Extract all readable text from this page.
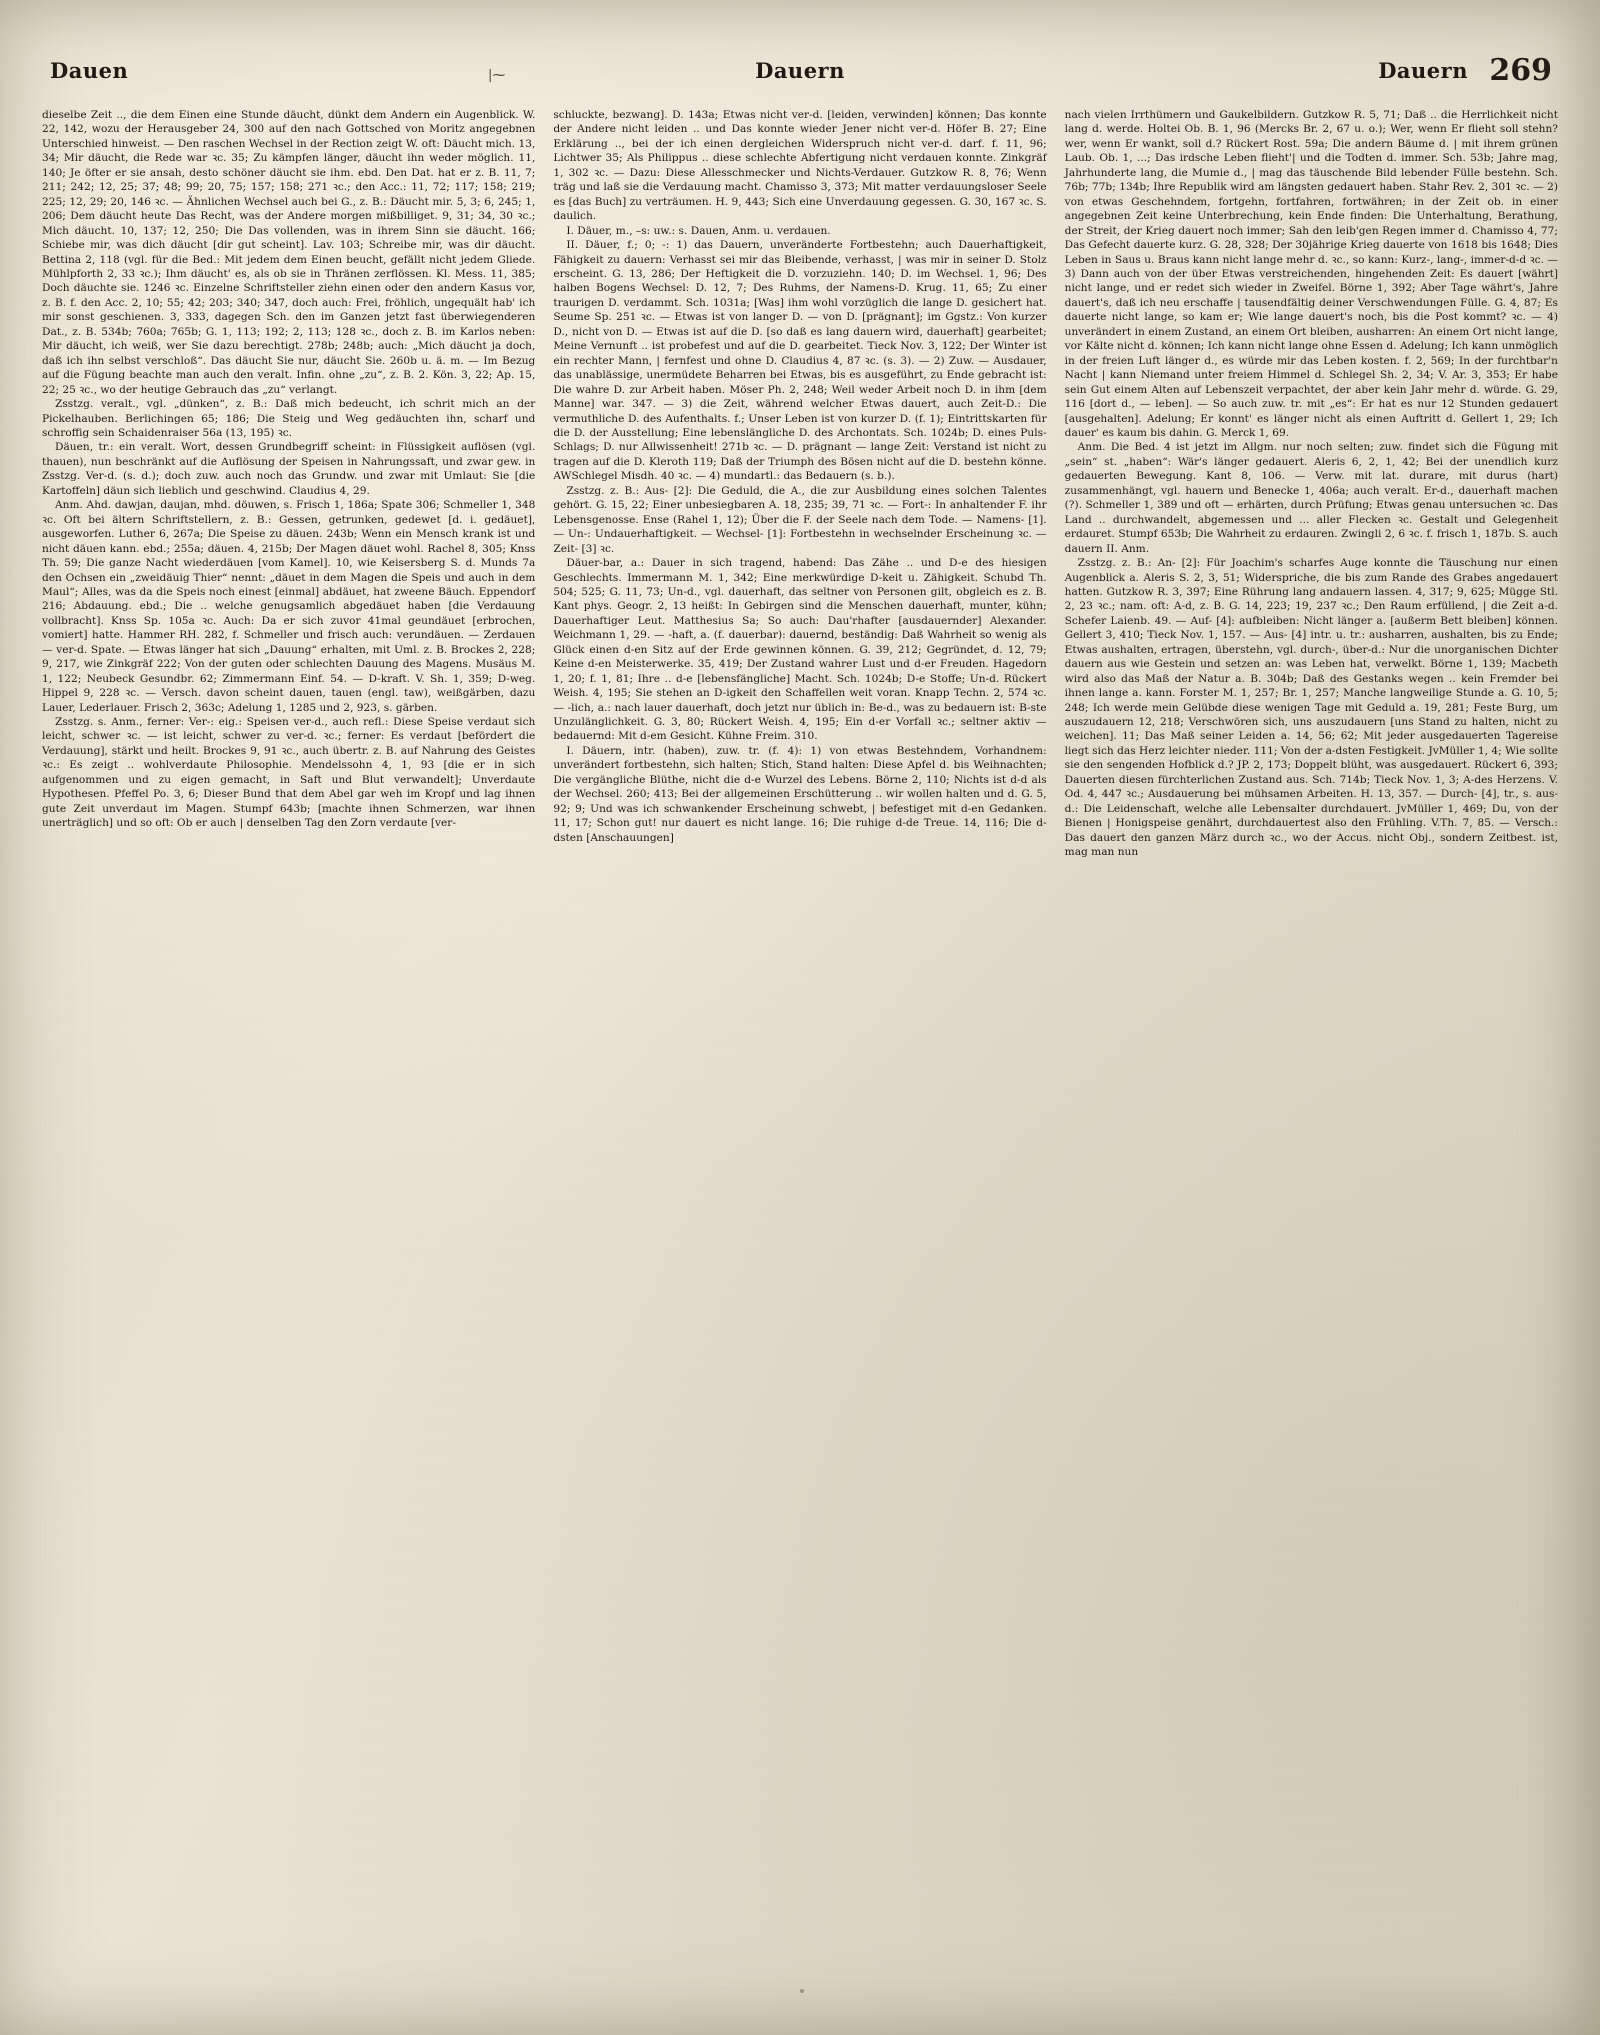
Dauen	Dauern	Dauern 269
|⁓

dieselbe Zeit .., die dem Einen eine Stunde däucht, dünkt dem Andern ein Augenblick. W. 22, 142, wozu der Herausgeber 24, 300 auf den nach Gottsched von Moritz angegebnen Unterschied hinweist. — Den raschen Wechsel in der Rection zeigt W. oft: Däucht mich. 13, 34; Mir däucht, die Rede war ꝛc. 35; Zu kämpfen länger, däucht ihn weder möglich. 11, 140; Je öfter er sie ansah, desto schöner däucht sie ihm. ebd. Den Dat. hat er z. B. 11, 7; 211; 242; 12, 25; 37; 48; 99; 20, 75; 157; 158; 271 ꝛc.; den Acc.: 11, 72; 117; 158; 219; 225; 12, 29; 20, 146 ꝛc. — Ähnlichen Wechsel auch bei G., z. B.: Däucht mir. 5, 3; 6, 245; 1, 206; Dem däucht heute Das Recht, was der Andere morgen mißbilliget. 9, 31; 34, 30 ꝛc.; Mich däucht. 10, 137; 12, 250; Die Das vollenden, was in ihrem Sinn sie däucht. 166; Schiebe mir, was dich däucht [dir gut scheint]. Lav. 103; Schreibe mir, was dir däucht. Bettina 2, 118 (vgl. für die Bed.: Mit jedem dem Einen beucht, gefällt nicht jedem Gliede. Mühlpforth 2, 33 ꝛc.); Ihm däucht' es, als ob sie in Thränen zerflössen. Kl. Mess. 11, 385; Doch däuchte sie. 1246 ꝛc. Einzelne Schriftsteller ziehn einen oder den andern Kasus vor, z. B. f. den Acc. 2, 10; 55; 42; 203; 340; 347, doch auch: Frei, fröhlich, ungequält hab' ich mir sonst geschienen. 3, 333, dagegen Sch. den im Ganzen jetzt fast überwiegenderen Dat., z. B. 534b; 760a; 765b; G. 1, 113; 192; 2, 113; 128 ꝛc., doch z. B. im Karlos neben: Mir däucht, ich weiß, wer Sie dazu berechtigt. 278b; 248b; auch: „Mich däucht ja doch, daß ich ihn selbst verschloß“. Das däucht Sie nur, däucht Sie. 260b u. ä. m. — Im Bezug auf die Fügung beachte man auch den veralt. Infin. ohne „zu“, z. B. 2. Kön. 3, 22; Ap. 15, 22; 25 ꝛc., wo der heutige Gebrauch das „zu“ verlangt.

Zsstzg. veralt., vgl. „dünken“, z. B.: Daß mich bedeucht, ich schrit mich an der Pickelhauben. Berlichingen 65; 186; Die Steig und Weg gedäuchten ihn, scharf und schroffig sein Schaidenraiser 56a (13, 195) ꝛc.

Däuen, tr.: ein veralt. Wort, dessen Grundbegriff scheint: in Flüssigkeit auflösen (vgl. thauen), nun beschränkt auf die Auflösung der Speisen in Nahrungssaft, und zwar gew. in Zsstzg. Ver-d. (s. d.); doch zuw. auch noch das Grundw. und zwar mit Umlaut: Sie [die Kartoffeln] däun sich lieblich und geschwind. Claudius 4, 29.

Anm. Ahd. dawjan, daujan, mhd. döuwen, s. Frisch 1, 186a; Spate 306; Schmeller 1, 348 ꝛc. Oft bei ältern Schriftstellern, z. B.: Gessen, getrunken, gedewet [d. i. gedäuet], ausgeworfen. Luther 6, 267a; Die Speise zu däuen. 243b; Wenn ein Mensch krank ist und nicht däuen kann. ebd.; 255a; däuen. 4, 215b; Der Magen däuet wohl. Rachel 8, 305; Knss Th. 59; Die ganze Nacht wiederdäuen [vom Kamel]. 10, wie Keisersberg S. d. Munds 7a den Ochsen ein „zweidäuig Thier“ nennt: „däuet in dem Magen die Speis und auch in dem Maul“; Alles, was da die Speis noch einest [einmal] abdäuet, hat zweene Bäuch. Eppendorf 216; Abdauung. ebd.; Die .. welche genugsamlich abgedäuet haben [die Verdauung vollbracht]. Knss Sp. 105a ꝛc. Auch: Da er sich zuvor 41mal geundäuet [erbrochen, vomiert] hatte. Hammer RH. 282, f. Schmeller und frisch auch: verundäuen. — Zerdauen — ver-d. Spate. — Etwas länger hat sich „Dauung“ erhalten, mit Uml. z. B. Brockes 2, 228; 9, 217, wie Zinkgräf 222; Von der guten oder schlechten Dauung des Magens. Musäus M. 1, 122; Neubeck Gesundbr. 62; Zimmermann Einf. 54. — D-kraft. V. Sh. 1, 359; D-weg. Hippel 9, 228 ꝛc. — Versch. davon scheint dauen, tauen (engl. taw), weißgärben, dazu Lauer, Lederlauer. Frisch 2, 363c; Adelung 1, 1285 und 2, 923, s. gärben.

Zsstzg. s. Anm., ferner: Ver-: eig.: Speisen ver-d., auch refl.: Diese Speise verdaut sich leicht, schwer ꝛc. — ist leicht, schwer zu ver-d. ꝛc.; ferner: Es verdaut [befördert die Verdauung], stärkt und heilt. Brockes 9, 91 ꝛc., auch übertr. z. B. auf Nahrung des Geistes ꝛc.: Es zeigt .. wohlverdaute Philosophie. Mendelssohn 4, 1, 93 [die er in sich aufgenommen und zu eigen gemacht, in Saft und Blut verwandelt]; Unverdaute Hypothesen. Pfeffel Po. 3, 6; Dieser Bund that dem Abel gar weh im Kropf und lag ihnen gute Zeit unverdaut im Magen. Stumpf 643b; [machte ihnen Schmerzen, war ihnen unerträglich] und so oft: Ob er auch | denselben Tag den Zorn verdaute [ver-

schluckte, bezwang]. D. 143a; Etwas nicht ver-d. [leiden, verwinden] können; Das konnte der Andere nicht leiden .. und Das konnte wieder Jener nicht ver-d. Höfer B. 27; Eine Erklärung .., bei der ich einen dergleichen Widerspruch nicht ver-d. darf. f. 11, 96; Lichtwer 35; Als Philippus .. diese schlechte Abfertigung nicht verdauen konnte. Zinkgräf 1, 302 ꝛc. — Dazu: Diese Allesschmecker und Nichts-Verdauer. Gutzkow R. 8, 76; Wenn träg und laß sie die Verdauung macht. Chamisso 3, 373; Mit matter verdauungsloser Seele es [das Buch] zu verträumen. H. 9, 443; Sich eine Unverdauung gegessen. G. 30, 167 ꝛc. S. daulich.

I. Däuer, m., –s: uw.: s. Dauen, Anm. u. verdauen.

II. Däuer, f.; 0; -: 1) das Dauern, unveränderte Fortbestehn; auch Dauerhaftigkeit, Fähigkeit zu dauern: Verhasst sei mir das Bleibende, verhasst, | was mir in seiner D. Stolz erscheint. G. 13, 286; Der Heftigkeit die D. vorzuziehn. 140; D. im Wechsel. 1, 96; Des halben Bogens Wechsel: D. 12, 7; Des Ruhms, der Namens-D. Krug. 11, 65; Zu einer traurigen D. verdammt. Sch. 1031a; [Was] ihm wohl vorzüglich die lange D. gesichert hat. Seume Sp. 251 ꝛc. — Etwas ist von langer D. — von D. [prägnant]; im Ggstz.: Von kurzer D., nicht von D. — Etwas ist auf die D. [so daß es lang dauern wird, dauerhaft] gearbeitet; Meine Vernunft .. ist probefest und auf die D. gearbeitet. Tieck Nov. 3, 122; Der Winter ist ein rechter Mann, | fernfest und ohne D. Claudius 4, 87 ꝛc. (s. 3). — 2) Zuw. — Ausdauer, das unablässige, unermüdete Beharren bei Etwas, bis es ausgeführt, zu Ende gebracht ist: Die wahre D. zur Arbeit haben. Möser Ph. 2, 248; Weil weder Arbeit noch D. in ihm [dem Manne] war. 347. — 3) die Zeit, während welcher Etwas dauert, auch Zeit-D.: Die vermuthliche D. des Aufenthalts. f.; Unser Leben ist von kurzer D. (f. 1); Eintrittskarten für die D. der Ausstellung; Eine lebenslängliche D. des Archontats. Sch. 1024b; D. eines Puls-Schlags; D. nur Allwissenheit! 271b ꝛc. — D. prägnant — lange Zeit: Verstand ist nicht zu tragen auf die D. Kleroth 119; Daß der Triumph des Bösen nicht auf die D. bestehn könne. AWSchlegel Misdh. 40 ꝛc. — 4) mundartl.: das Bedauern (s. b.).

Zsstzg. z. B.: Aus- [2]: Die Geduld, die A., die zur Ausbildung eines solchen Talentes gehört. G. 15, 22; Einer unbesiegbaren A. 18, 235; 39, 71 ꝛc. — Fort-: In anhaltender F. ihr Lebensgenosse. Ense (Rahel 1, 12); Über die F. der Seele nach dem Tode. — Namens- [1]. — Un-: Undauerhaftigkeit. — Wechsel- [1]: Fortbestehn in wechselnder Erscheinung ꝛc. — Zeit- [3] ꝛc.

Däuer-bar, a.: Dauer in sich tragend, habend: Das Zähe .. und D-e des hiesigen Geschlechts. Immermann M. 1, 342; Eine merkwürdige D-keit u. Zähigkeit. Schubd Th. 504; 525; G. 11, 73; Un-d., vgl. dauerhaft, das seltner von Personen gilt, obgleich es z. B. Kant phys. Geogr. 2, 13 heißt: In Gebirgen sind die Menschen dauerhaft, munter, kühn; Dauerhaftiger Leut. Matthesius Sa; So auch: Dau'rhafter [ausdauernder] Alexander. Weichmann 1, 29. — -haft, a. (f. dauerbar): dauernd, beständig: Daß Wahrheit so wenig als Glück einen d-en Sitz auf der Erde gewinnen können. G. 39, 212; Gegründet, d. 12, 79; Keine d-en Meisterwerke. 35, 419; Der Zustand wahrer Lust und d-er Freuden. Hagedorn 1, 20; f. 1, 81; Ihre .. d-e [lebensfängliche] Macht. Sch. 1024b; D-e Stoffe; Un-d. Rückert Weish. 4, 195; Sie stehen an D-igkeit den Schaffellen weit voran. Knapp Techn. 2, 574 ꝛc. — -lich, a.: nach lauer dauerhaft, doch jetzt nur üblich in: Be-d., was zu bedauern ist: B-ste Unzulänglichkeit. G. 3, 80; Rückert Weish. 4, 195; Ein d-er Vorfall ꝛc.; seltner aktiv — bedauernd: Mit d-em Gesicht. Kühne Freim. 310.

I. Däuern, intr. (haben), zuw. tr. (f. 4): 1) von etwas Bestehndem, Vorhandnem: unverändert fortbestehn, sich halten; Stich, Stand halten: Diese Apfel d. bis Weihnachten; Die vergängliche Blüthe, nicht die d-e Wurzel des Lebens. Börne 2, 110; Nichts ist d-d als der Wechsel. 260; 413; Bei der allgemeinen Erschütterung .. wir wollen halten und d. G. 5, 92; 9; Und was ich schwankender Erscheinung schwebt, | befestiget mit d-en Gedanken. 11, 17; Schon gut! nur dauert es nicht lange. 16; Die ruhige d-de Treue. 14, 116; Die d-dsten [Anschauungen]

nach vielen Irrthümern und Gaukelbildern. Gutzkow R. 5, 71; Daß .. die Herrlichkeit nicht lang d. werde. Holtei Ob. B. 1, 96 (Mercks Br. 2, 67 u. o.); Wer, wenn Er flieht soll stehn? wer, wenn Er wankt, soll d.? Rückert Rost. 59a; Die andern Bäume d. | mit ihrem grünen Laub. Ob. 1, ...; Das irdsche Leben flieht'| und die Todten d. immer. Sch. 53b; Jahre mag, Jahrhunderte lang, die Mumie d., | mag das täuschende Bild lebender Fülle bestehn. Sch. 76b; 77b; 134b; Ihre Republik wird am längsten gedauert haben. Stahr Rev. 2, 301 ꝛc. — 2) von etwas Geschehndem, fortgehn, fortfahren, fortwähren; in der Zeit ob. in einer angegebnen Zeit keine Unterbrechung, kein Ende finden: Die Unterhaltung, Berathung, der Streit, der Krieg dauert noch immer; Sah den leib'gen Regen immer d. Chamisso 4, 77; Das Gefecht dauerte kurz. G. 28, 328; Der 30jährige Krieg dauerte von 1618 bis 1648; Dies Leben in Saus u. Braus kann nicht lange mehr d. ꝛc., so kann: Kurz-, lang-, immer-d-d ꝛc. — 3) Dann auch von der über Etwas verstreichenden, hingehenden Zeit: Es dauert [währt] nicht lange, und er redet sich wieder in Zweifel. Börne 1, 392; Aber Tage währt's, Jahre dauert's, daß ich neu erschaffe | tausendfältig deiner Verschwendungen Fülle. G. 4, 87; Es dauerte nicht lange, so kam er; Wie lange dauert's noch, bis die Post kommt? ꝛc. — 4) unverändert in einem Zustand, an einem Ort bleiben, ausharren: An einem Ort nicht lange, vor Kälte nicht d. können; Ich kann nicht lange ohne Essen d. Adelung; Ich kann unmöglich in der freien Luft länger d., es würde mir das Leben kosten. f. 2, 569; In der furchtbar'n Nacht | kann Niemand unter freiem Himmel d. Schlegel Sh. 2, 34; V. Ar. 3, 353; Er habe sein Gut einem Alten auf Lebenszeit verpachtet, der aber kein Jahr mehr d. würde. G. 29, 116 [dort d., — leben]. — So auch zuw. tr. mit „es“: Er hat es nur 12 Stunden gedauert [ausgehalten]. Adelung; Er konnt' es länger nicht als einen Auftritt d. Gellert 1, 29; Ich dauer' es kaum bis dahin. G. Merck 1, 69.

Anm. Die Bed. 4 ist jetzt im Allgm. nur noch selten; zuw. findet sich die Fügung mit „sein“ st. „haben“: Wär's länger gedauert. Aleris 6, 2, 1, 42; Bei der unendlich kurz gedauerten Bewegung. Kant 8, 106. — Verw. mit lat. durare, mit durus (hart) zusammenhängt, vgl. hauern und Benecke 1, 406a; auch veralt. Er-d., dauerhaft machen (?). Schmeller 1, 389 und oft — erhärten, durch Prüfung; Etwas genau untersuchen ꝛc. Das Land .. durchwandelt, abgemessen und ... aller Flecken ꝛc. Gestalt und Gelegenheit erdauret. Stumpf 653b; Die Wahrheit zu erdauren. Zwingli 2, 6 ꝛc. f. frisch 1, 187b. S. auch dauern II. Anm.

Zsstzg. z. B.: An- [2]: Für Joachim's scharfes Auge konnte die Täuschung nur einen Augenblick a. Aleris S. 2, 3, 51; Widerspriche, die bis zum Rande des Grabes angedauert hatten. Gutzkow R. 3, 397; Eine Rührung lang andauern lassen. 4, 317; 9, 625; Mügge Stl. 2, 23 ꝛc.; nam. oft: A-d, z. B. G. 14, 223; 19, 237 ꝛc.; Den Raum erfüllend, | die Zeit a-d. Schefer Laienb. 49. — Auf- [4]: aufbleiben: Nicht länger a. [außerm Bett bleiben] können. Gellert 3, 410; Tieck Nov. 1, 157. — Aus- [4] intr. u. tr.: ausharren, aushalten, bis zu Ende; Etwas aushalten, ertragen, überstehn, vgl. durch-, über-d.: Nur die unorganischen Dichter dauern aus wie Gestein und setzen an: was Leben hat, verwelkt. Börne 1, 139; Macbeth wird also das Maß der Natur a. B. 304b; Daß des Gestanks wegen .. kein Fremder bei ihnen lange a. kann. Forster M. 1, 257; Br. 1, 257; Manche langweilige Stunde a. G. 10, 5; 248; Ich werde mein Gelübde diese wenigen Tage mit Geduld a. 19, 281; Feste Burg, um auszudauern 12, 218; Verschwören sich, uns auszudauern [uns Stand zu halten, nicht zu weichen]. 11; Das Maß seiner Leiden a. 14, 56; 62; Mit jeder ausgedauerten Tagereise liegt sich das Herz leichter nieder. 111; Von der a-dsten Festigkeit. JvMüller 1, 4; Wie sollte sie den sengenden Hofblick d.? JP. 2, 173; Doppelt blüht, was ausgedauert. Rückert 6, 393; Dauerten diesen fürchterlichen Zustand aus. Sch. 714b; Tieck Nov. 1, 3; A-des Herzens. V. Od. 4, 447 ꝛc.; Ausdauerung bei mühsamen Arbeiten. H. 13, 357. — Durch- [4], tr., s. aus-d.: Die Leidenschaft, welche alle Lebensalter durchdauert. JvMüller 1, 469; Du, von der Bienen | Honigspeise genährt, durchdauertest also den Frühling. V.Th. 7, 85. — Versch.: Das dauert den ganzen März durch ꝛc., wo der Accus. nicht Obj., sondern Zeitbest. ist, mag man nun
